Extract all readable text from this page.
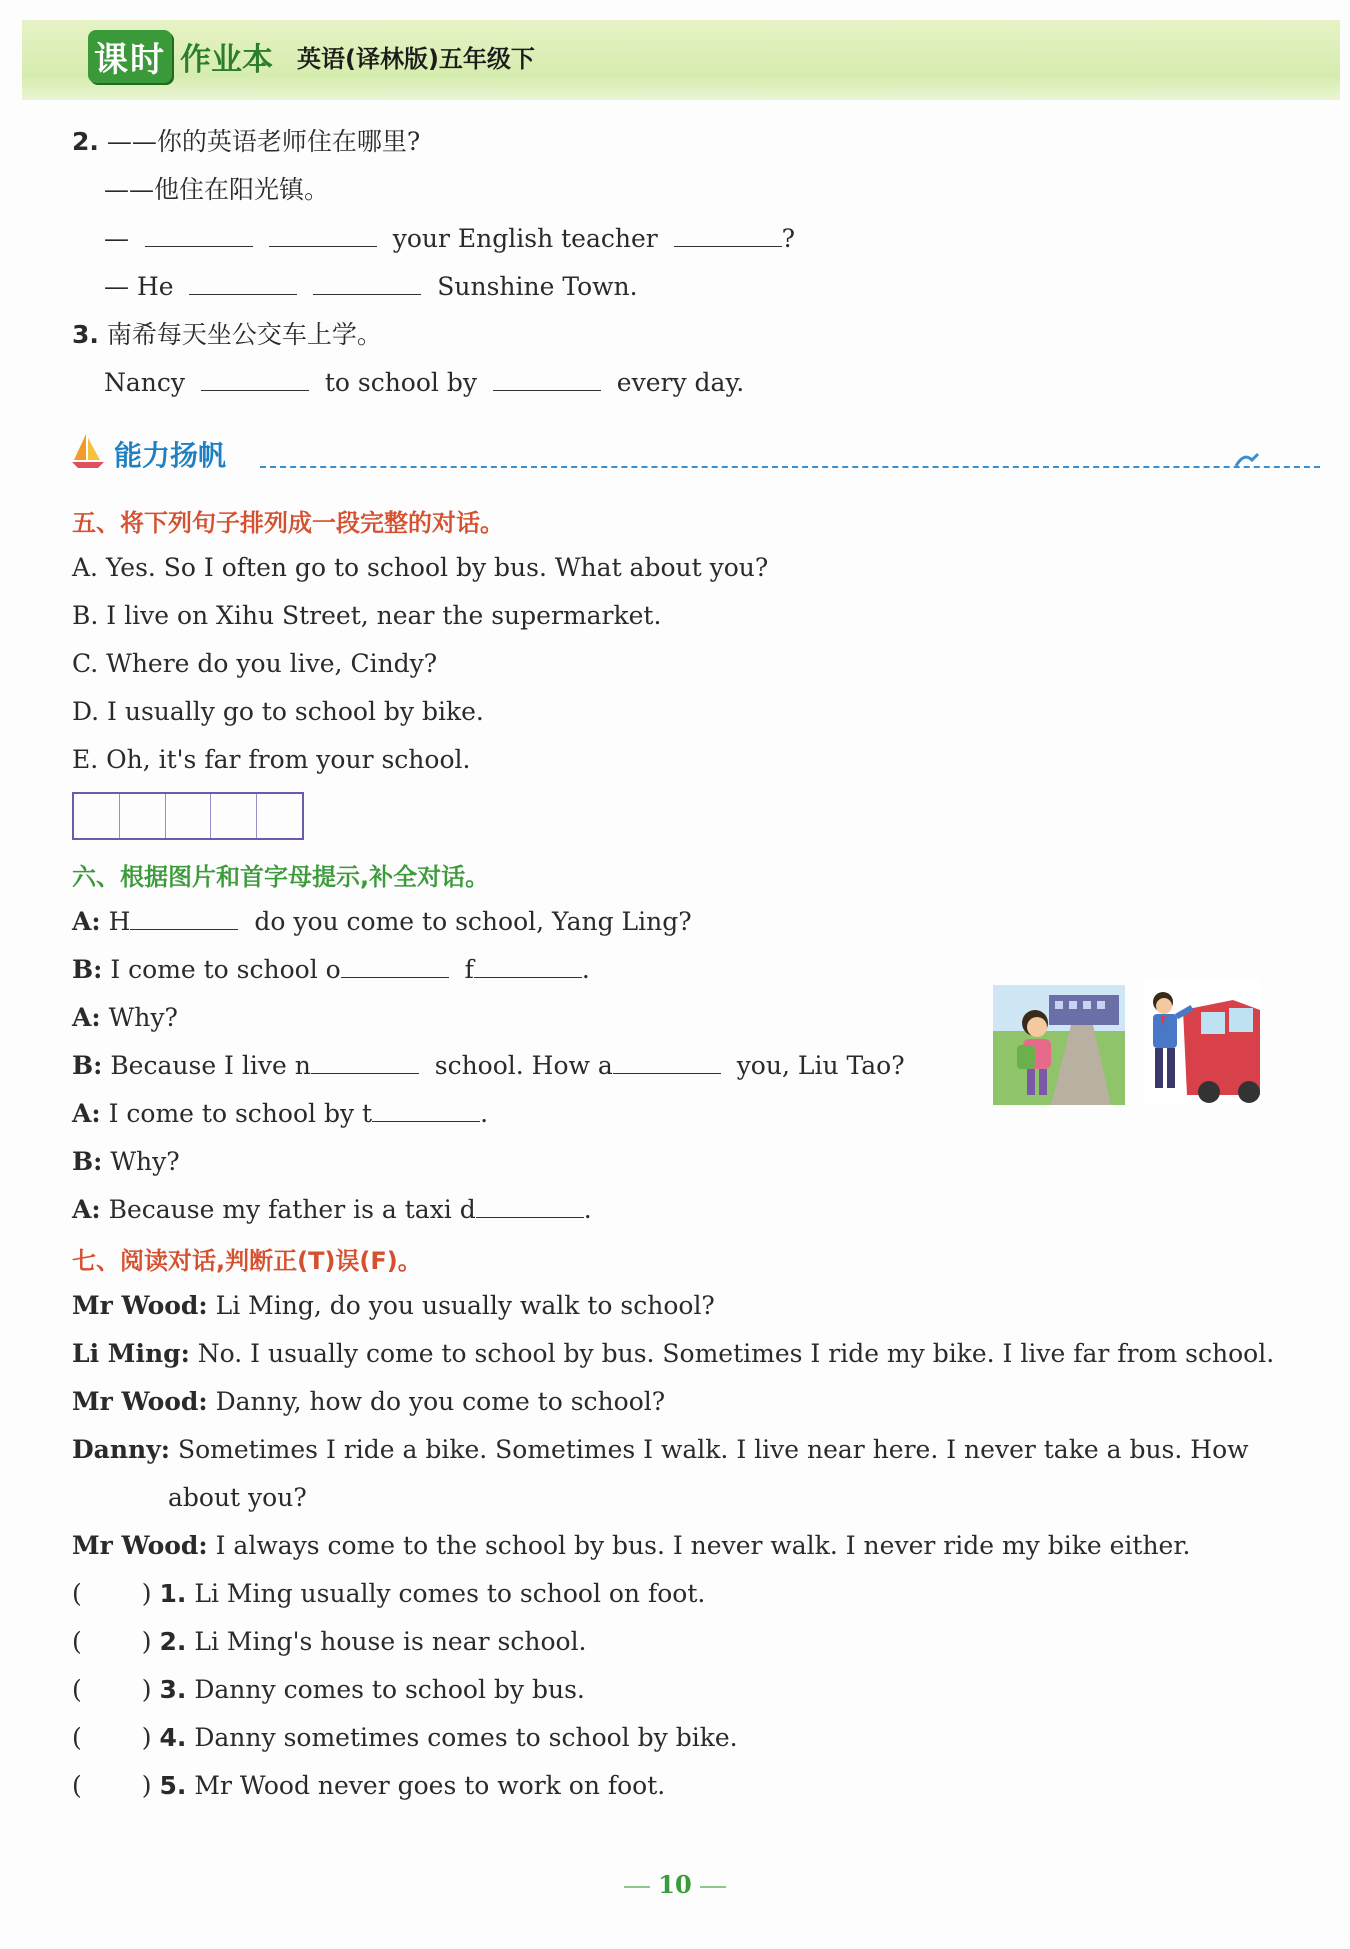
课时 作业本 英语(译林版)五年级下
2. ——你的英语老师住在哪里?
——他住在阳光镇。
—	your English teacher	?
— He	Sunshine Town.
3. 南希每天坐公交车上学。
Nancy	to school by	every day.
能力扬帆
五、将下列句子排列成一段完整的对话。
A. Yes. So I often go to school by bus. What about you?
B. I live on Xihu Street, near the supermarket.
C. Where do you live, Cindy?
D. I usually go to school by bike.
E. Oh, it's far from your school.
六、根据图片和首字母提示,补全对话。
A: H	do you come to school, Yang Ling?
B: I come to school o	f	.
A: Why?
B: Because I live n	school. How a	you, Liu Tao?
A: I come to school by t	.
B: Why?
A: Because my father is a taxi d	.
七、阅读对话,判断正(T)误(F)。
Mr Wood: Li Ming, do you usually walk to school?
Li Ming: No. I usually come to school by bus. Sometimes I ride my bike. I live far from school.
Mr Wood: Danny, how do you come to school?
Danny: Sometimes I ride a bike. Sometimes I walk. I live near here. I never take a bus. How
about you?
Mr Wood: I always come to the school by bus. I never walk. I never ride my bike either.
( ) 1. Li Ming usually comes to school on foot.
( ) 2. Li Ming's house is near school.
( ) 3. Danny comes to school by bus.
( ) 4. Danny sometimes comes to school by bike.
( ) 5. Mr Wood never goes to work on foot.
10
